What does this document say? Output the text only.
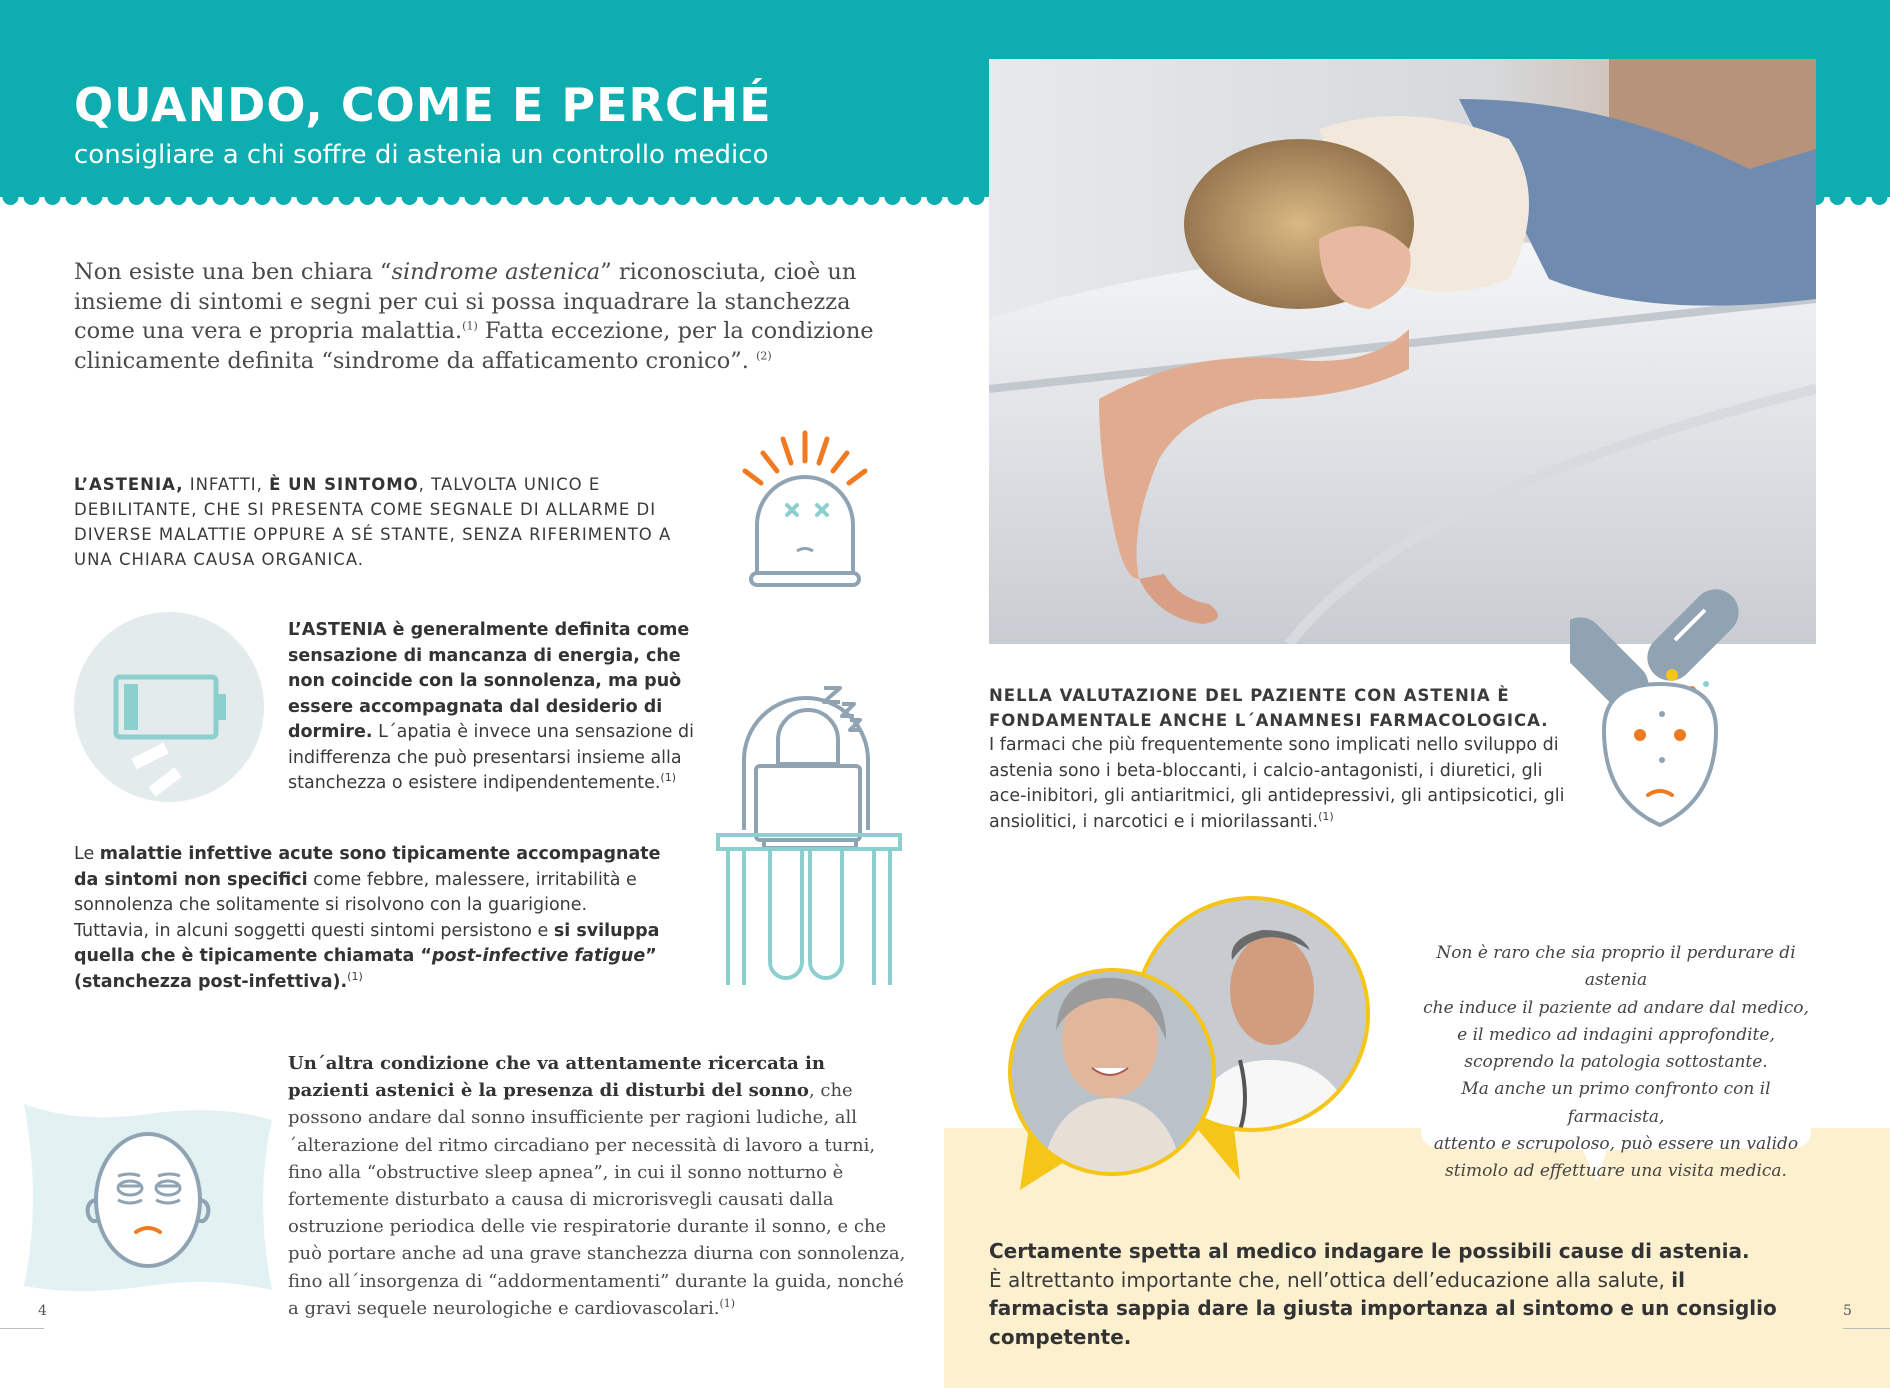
QUANDO, COME E PERCHÉ
consigliare a chi soffre di astenia un controllo medico
Non esiste una ben chiara “sindrome astenica” riconosciuta, cioè un insieme di sintomi e segni per cui si possa inquadrare la stanchezza come una vera e propria malattia.$^{(1)}$ Fatta eccezione, per la condizione clinicamente definita “sindrome da affaticamento cronico”. $^{(2)}$
L’ASTENIA, INFATTI, È UN SINTOMO, TALVOLTA UNICO E DEBILITANTE, CHE SI PRESENTA COME SEGNALE DI ALLARME DI DIVERSE MALATTIE OPPURE A SÉ STANTE, SENZA RIFERIMENTO A UNA CHIARA CAUSA ORGANICA.
L’ASTENIA è generalmente definita come sensazione di mancanza di energia, che non coincide con la sonnolenza, ma può essere accompagnata dal desiderio di dormire. L´apatia è invece una sensazione di indifferenza che può presentarsi insieme alla stanchezza o esistere indipendentemente.$^{(1)}$
Le malattie infettive acute sono tipicamente accompagnate da sintomi non specifici come febbre, malessere, irritabilità e sonnolenza che solitamente si risolvono con la guarigione. Tuttavia, in alcuni soggetti questi sintomi persistono e si sviluppa quella che è tipicamente chiamata “post-infective fatigue” (stanchezza post-infettiva).$^{(1)}$
Un´altra condizione che va attentamente ricercata in pazienti astenici è la presenza di disturbi del sonno, che possono andare dal sonno insufficiente per ragioni ludiche, all´alterazione del ritmo circadiano per necessità di lavoro a turni, fino alla “obstructive sleep apnea”, in cui il sonno notturno è fortemente disturbato a causa di microrisvegli causati dalla ostruzione periodica delle vie respiratorie durante il sonno, e che può portare anche ad una grave stanchezza diurna con sonnolenza, fino all´insorgenza di “addormentamenti” durante la guida, nonché a gravi sequele neurologiche e cardiovascolari.$^{(1)}$
4
NELLA VALUTAZIONE DEL PAZIENTE CON ASTENIA È FONDAMENTALE ANCHE L´ANAMNESI FARMACOLOGICA.
I farmaci che più frequentemente sono implicati nello sviluppo di astenia sono i beta-bloccanti, i calcio-antagonisti, i diuretici, gli ace-inibitori, gli antiaritmici, gli antidepressivi, gli antipsicotici, gli ansiolitici, i narcotici e i miorilassanti.$^{(1)}$
Non è raro che sia proprio il perdurare di astenia
che induce il paziente ad andare dal medico,
e il medico ad indagini approfondite,
scoprendo la patologia sottostante.
Ma anche un primo confronto con il farmacista,
attento e scrupoloso, può essere un valido
stimolo ad effettuare una visita medica.
Certamente spetta al medico indagare le possibili cause di astenia.
È altrettanto importante che, nell’ottica dell’educazione alla salute, il farmacista sappia dare la giusta importanza al sintomo e un consiglio competente.
5
